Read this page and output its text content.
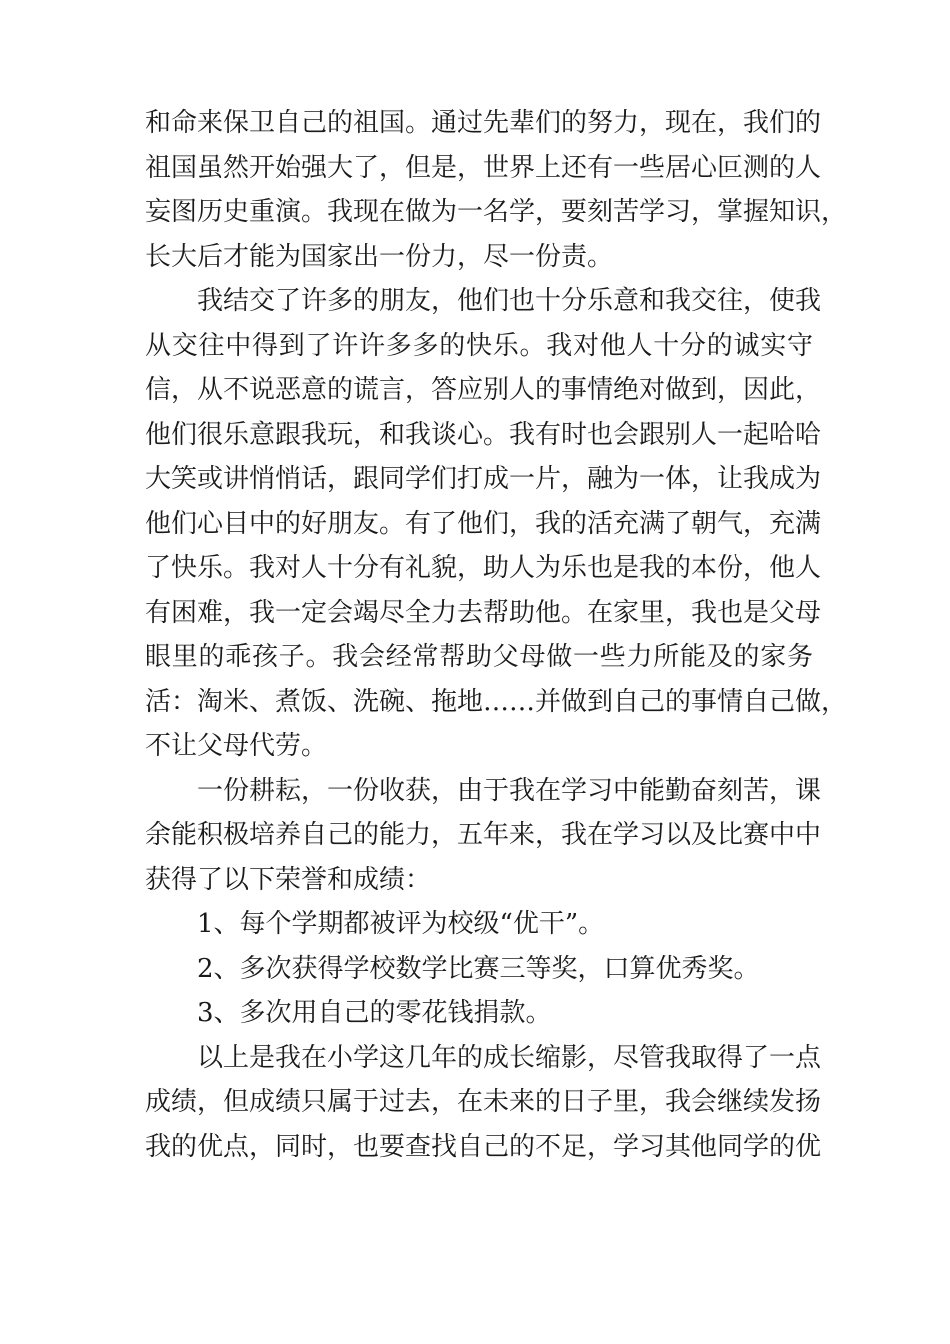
和命来保卫自己的祖国。通过先辈们的努力，现在，我们的
祖国虽然开始强大了，但是，世界上还有一些居心叵测的人
妄图历史重演。我现在做为一名学，要刻苦学习，掌握知识，
长大后才能为国家出一份力，尽一份责。
我结交了许多的朋友，他们也十分乐意和我交往，使我
从交往中得到了许许多多的快乐。我对他人十分的诚实守
信，从不说恶意的谎言，答应别人的事情绝对做到，因此，
他们很乐意跟我玩，和我谈心。我有时也会跟别人一起哈哈
大笑或讲悄悄话，跟同学们打成一片，融为一体，让我成为
他们心目中的好朋友。有了他们，我的活充满了朝气，充满
了快乐。我对人十分有礼貌，助人为乐也是我的本份，他人
有困难，我一定会竭尽全力去帮助他。在家里，我也是父母
眼里的乖孩子。我会经常帮助父母做一些力所能及的家务
活：淘米、煮饭、洗碗、拖地……并做到自己的事情自己做，
不让父母代劳。
一份耕耘，一份收获，由于我在学习中能勤奋刻苦，课
余能积极培养自己的能力，五年来，我在学习以及比赛中中
获得了以下荣誉和成绩：
1、每个学期都被评为校级“优干”。
2、多次获得学校数学比赛三等奖，口算优秀奖。
3、多次用自己的零花钱捐款。
以上是我在小学这几年的成长缩影，尽管我取得了一点
成绩，但成绩只属于过去，在未来的日子里，我会继续发扬
我的优点，同时，也要查找自己的不足，学习其他同学的优
